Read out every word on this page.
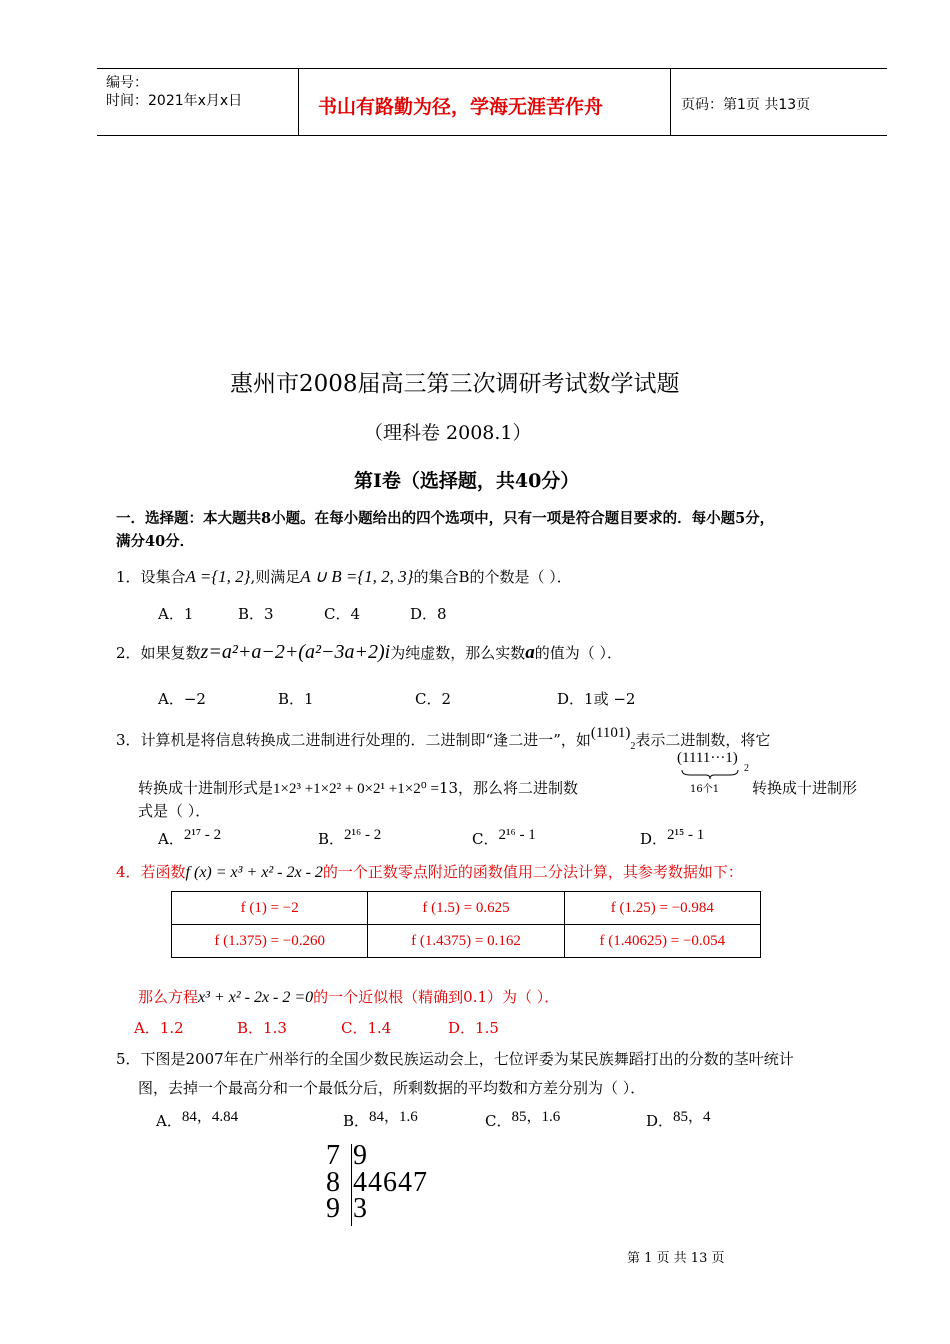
编号：
时间：2021年x月x日	书山有路勤为径，学海无涯苦作舟	页码：第1页 共13页
惠州市2008届高三第三次调研考试数学试题
（理科卷 2008.1）
第Ⅰ卷（选择题，共40分）
一．选择题：本大题共8小题。在每小题给出的四个选项中，只有一项是符合题目要求的．每小题5分，
满分40分．
1．设集合A ={1, 2},则满足A ∪ B ={1, 2, 3}的集合B的个数是（ ）．
A．1	B．3	C．4	D．8
2．如果复数z=a²+a−2+(a²−3a+2)i为纯虚数，那么实数a的值为（ ）．
A．−2	B．1	C．2	D．1或 −2
3．计算机是将信息转换成二进制进行处理的．二进制即“逢二进一”，如$(1101)_2$表示二进制数，将它
转换成十进制形式是1×2³ +1×2² + 0×2¹ +1×2⁰ =13，那么将二进制数
(1111···1)
2
16个1 转换成十进制形
式是（ ）．
A．2¹⁷ - 2	B．2¹⁶ - 2	C．2¹⁶ - 1	D．2¹⁵ - 1
4．若函数f (x) = x³ + x² - 2x - 2的一个正数零点附近的函数值用二分法计算，其参考数据如下：
f (1) = −2	f (1.5) = 0.625	f (1.25) = −0.984
f (1.375) = −0.260	f (1.4375) = 0.162	f (1.40625) = −0.054
那么方程x³ + x² - 2x - 2 =0的一个近似根（精确到0.1）为（ ）．
A．1.2	B．1.3	C．1.4	D．1.5
5．下图是2007年在广州举行的全国少数民族运动会上，七位评委为某民族舞蹈打出的分数的茎叶统计
图，去掉一个最高分和一个最低分后，所剩数据的平均数和方差分别为（ ）．
A．84，4.84	B．84，1.6	C．85，1.6	D．85，4
7 9
8 44647
9 3
第 1 页 共 13 页
